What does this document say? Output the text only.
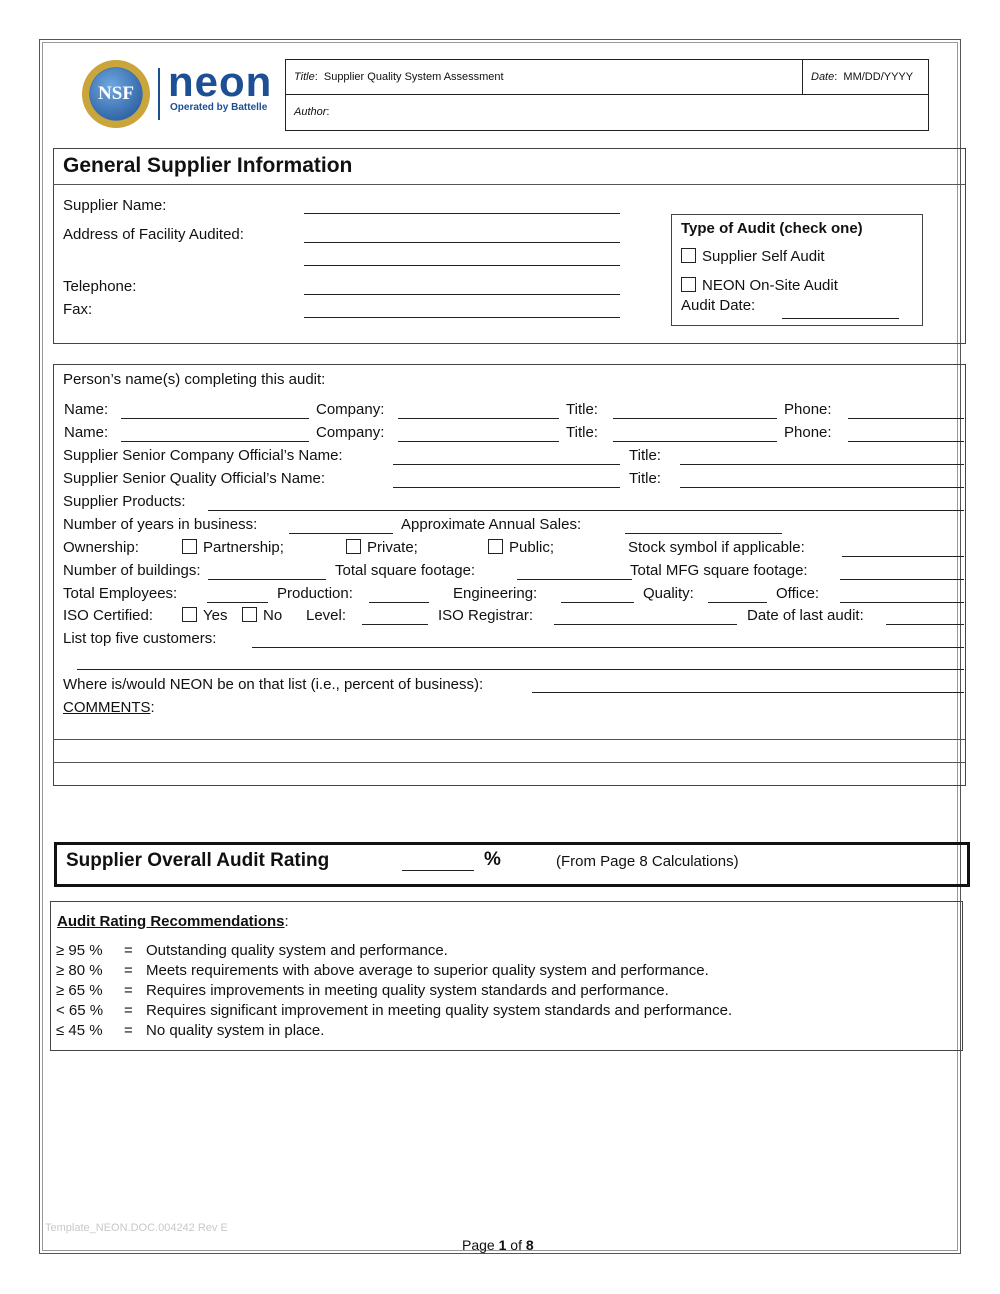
NSF neon
Operated by Battelle
Title:  Supplier Quality System Assessment	Date:  MM/DD/YYYY
Author:
General Supplier Information
Supplier Name:
Address of Facility Audited:
Telephone:
Fax:
Type of Audit (check one)
Supplier Self Audit
NEON On-Site Audit
Audit Date:
Person’s name(s) completing this audit:
Name:	Company:	Title:	Phone:
Name:	Company:	Title:	Phone:
Supplier Senior Company Official’s Name:	Title:
Supplier Senior Quality Official’s Name:	Title:
Supplier Products:
Number of years in business:	Approximate Annual Sales:
Ownership:	Partnership;	Private;	Public;	Stock symbol if applicable:
Number of buildings:	Total square footage:	Total MFG square footage:
Total Employees:	Production:	Engineering:	Quality:	Office:
ISO Certified:	Yes	No Level:	ISO Registrar:	Date of last audit:
List top five customers:
Where is/would NEON be on that list (i.e., percent of business):
COMMENTS:
Supplier Overall Audit Rating	%	(From Page 8 Calculations)
Audit Rating Recommendations:
≥ 95 % = Outstanding quality system and performance.
≥ 80 % = Meets requirements with above average to superior quality system and performance.
≥ 65 % = Requires improvements in meeting quality system standards and performance.
< 65 % = Requires significant improvement in meeting quality system standards and performance.
≤ 45 % = No quality system in place.
Template_NEON.DOC.004242 Rev E
Page 1 of 8
